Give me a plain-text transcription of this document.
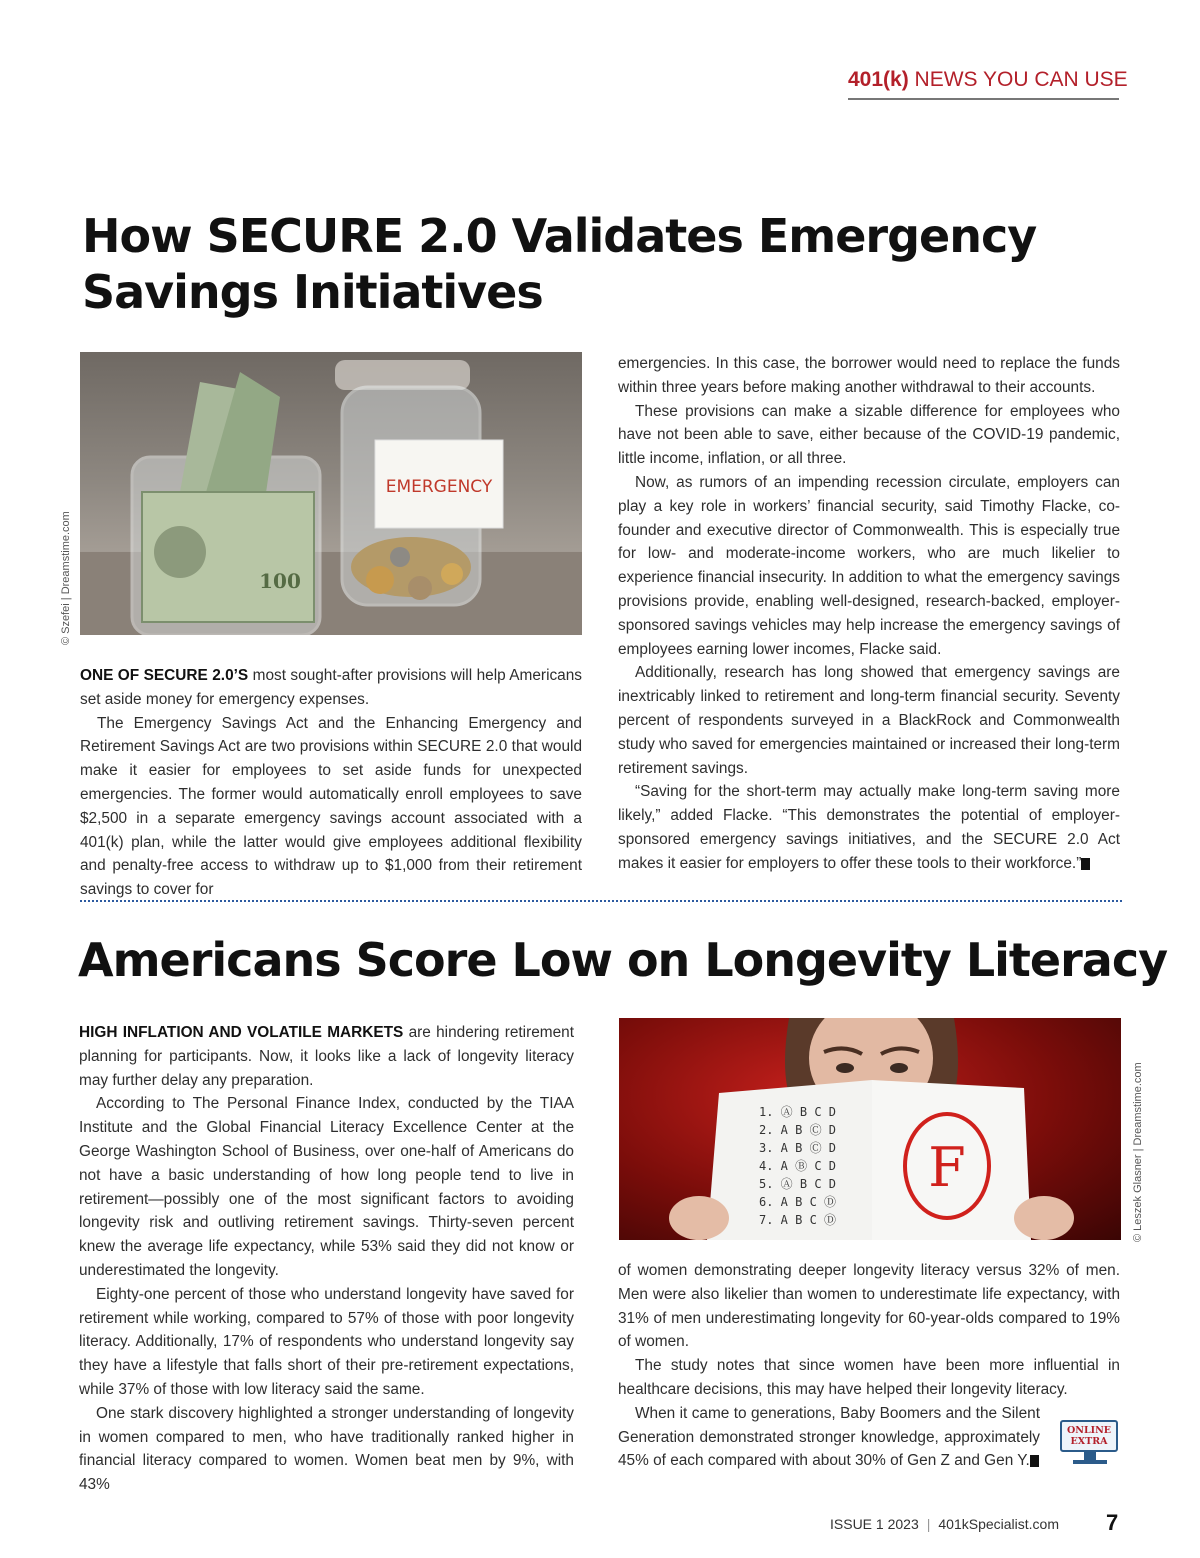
401(k) NEWS YOU CAN USE
How SECURE 2.0 Validates Emergency Savings Initiatives
EMERGENCY
100
© Szefei | Dreamstime.com

ONE OF SECURE 2.0’S most sought-after provisions will help Americans set aside money for emergency expenses.

The Emergency Savings Act and the Enhancing Emergency and Retirement Savings Act are two provisions within SECURE 2.0 that would make it easier for employees to set aside funds for unexpected emergencies. The former would automatically enroll employees to save $2,500 in a separate emergency savings account associated with a 401(k) plan, while the latter would give employees additional flexibility and penalty-free access to withdraw up to $1,000 from their retirement savings to cover for

emergencies. In this case, the borrower would need to replace the funds within three years before making another withdrawal to their accounts.

These provisions can make a sizable difference for employees who have not been able to save, either because of the COVID-19 pandemic, little income, inflation, or all three.

Now, as rumors of an impending recession circulate, employers can play a key role in workers’ financial security, said Timothy Flacke, co-founder and executive director of Commonwealth. This is especially true for low- and moderate-income workers, who are much likelier to experience financial insecurity. In addition to what the emergency savings provisions provide, enabling well-designed, research-backed, employer-sponsored savings vehicles may help increase the emergency savings of employees earning lower incomes, Flacke said.

Additionally, research has long showed that emergency savings are inextricably linked to retirement and long-term financial security. Seventy percent of respondents surveyed in a BlackRock and Commonwealth study who saved for emergencies maintained or increased their long-term retirement savings.

“Saving for the short-term may actually make long-term saving more likely,” added Flacke. “This demonstrates the potential of employer-sponsored emergency savings initiatives, and the SECURE 2.0 Act makes it easier for employers to offer these tools to their workforce.” K

Americans Score Low on Longevity Literacy
1. Ⓐ B C D
2. A B Ⓒ D
3. A B Ⓒ D
4. A Ⓑ C D
5. Ⓐ B C D
6. A B C Ⓓ
7. A B C Ⓓ
F	© Leszek Glasner | Dreamstime.com

HIGH INFLATION AND VOLATILE MARKETS are hindering retirement planning for participants. Now, it looks like a lack of longevity literacy may further delay any preparation.

According to The Personal Finance Index, conducted by the TIAA Institute and the Global Financial Literacy Excellence Center at the George Washington School of Business, over one-half of Americans do not have a basic understanding of how long people tend to live in retirement—possibly one of the most significant factors to avoiding longevity risk and outliving retirement savings. Thirty-seven percent knew the average life expectancy, while 53% said they did not know or underestimated the longevity.

Eighty-one percent of those who understand longevity have saved for retirement while working, compared to 57% of those with poor longevity literacy. Additionally, 17% of respondents who understand longevity say they have a lifestyle that falls short of their pre-retirement expectations, while 37% of those with low literacy said the same.

One stark discovery highlighted a stronger understanding of longevity in women compared to men, who have traditionally ranked higher in financial literacy compared to women. Women beat men by 9%, with 43%

of women demonstrating deeper longevity literacy versus 32% of men. Men were also likelier than women to underestimate life expectancy, with 31% of men underestimating longevity for 60-year-olds compared to 19% of women.

The study notes that since women have been more influential in healthcare decisions, this may have helped their longevity literacy.

When it came to generations, Baby Boomers and the Silent Generation demonstrated stronger knowledge, approximately 45% of each compared with about 30% of Gen Z and Gen Y. K

ONLINE
EXTRA
ISSUE 1 2023 | 401kSpecialist.com 7
